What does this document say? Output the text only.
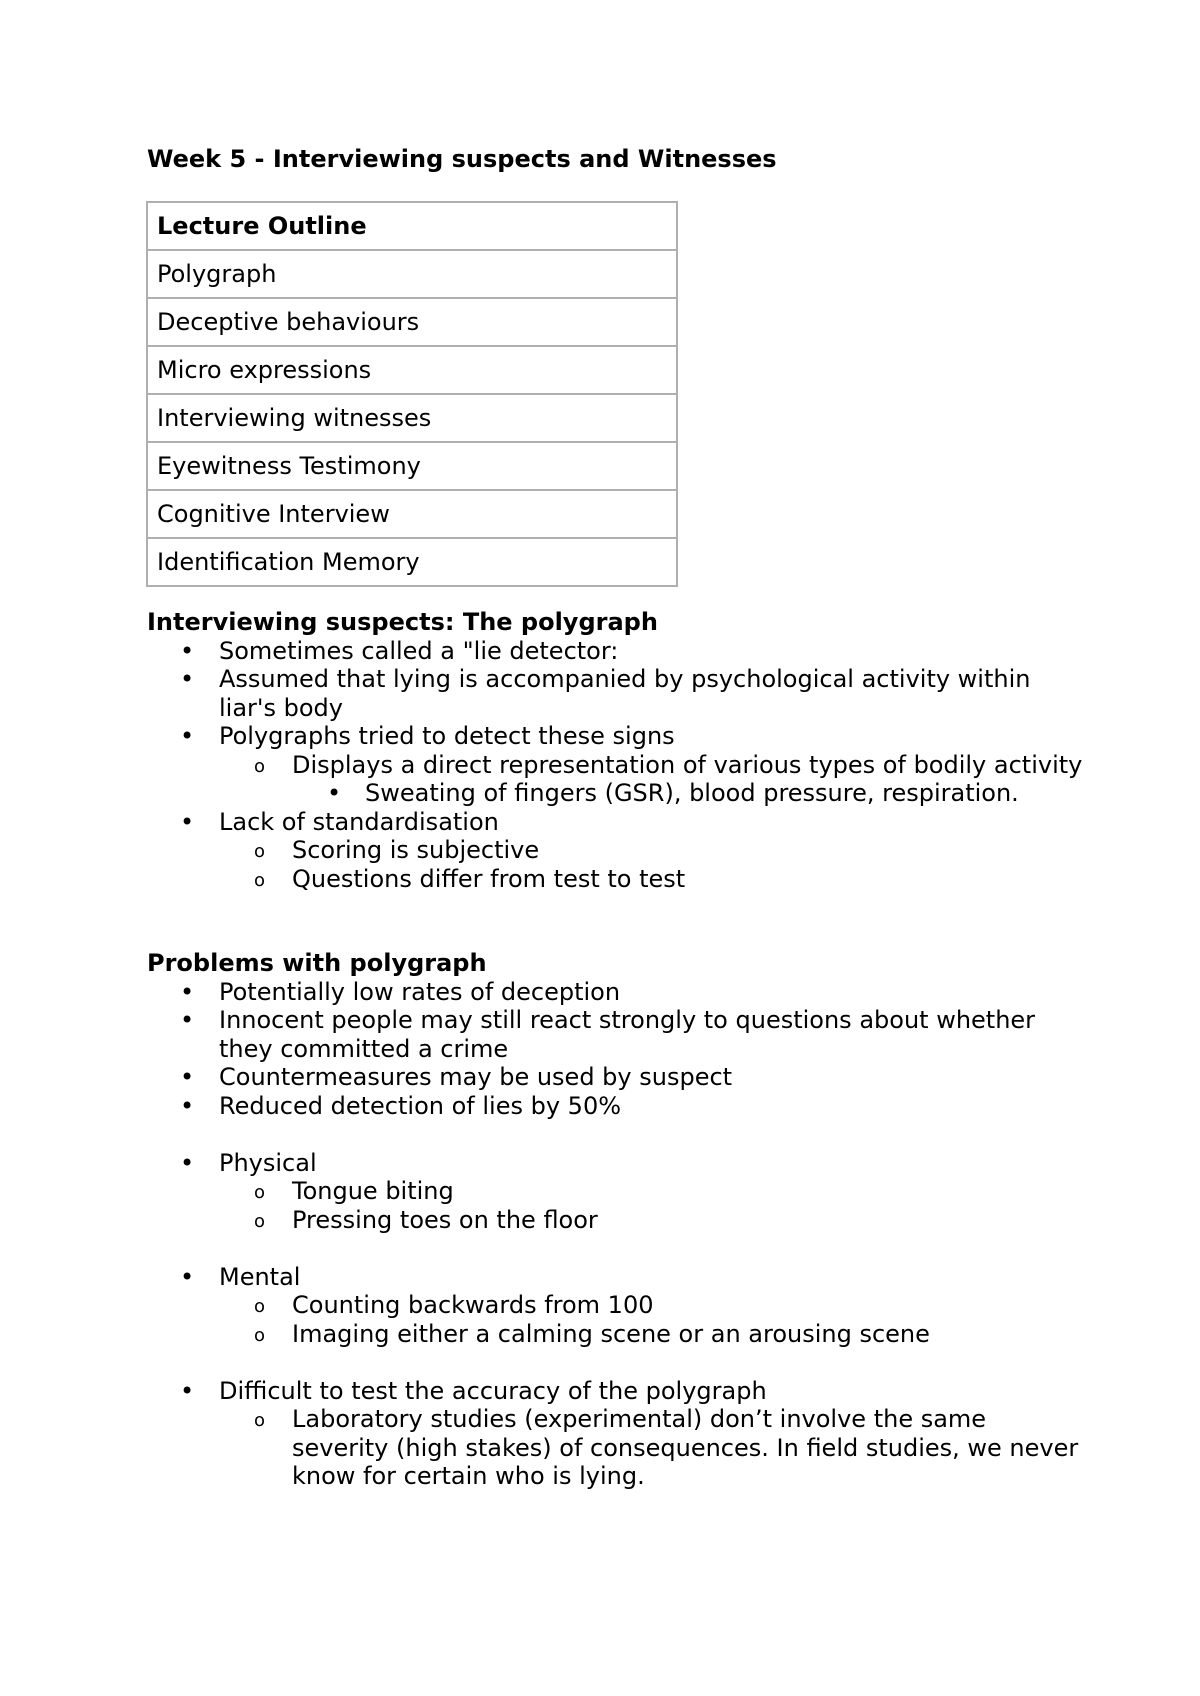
Week 5 - Interviewing suspects and Witnesses
Lecture Outline
Polygraph
Deceptive behaviours
Micro expressions
Interviewing witnesses
Eyewitness Testimony
Cognitive Interview
Identification Memory
Interviewing suspects: The polygraph
• Sometimes called a "lie detector:
• Assumed that lying is accompanied by psychological activity within liar's body
• Polygraphs tried to detect these signs
o Displays a direct representation of various types of bodily activity
• Sweating of fingers (GSR), blood pressure, respiration.
• Lack of standardisation
o Scoring is subjective
o Questions differ from test to test
Problems with polygraph
• Potentially low rates of deception
• Innocent people may still react strongly to questions about whether they committed a crime
• Countermeasures may be used by suspect
• Reduced detection of lies by 50%
• Physical
o Tongue biting
o Pressing toes on the floor
• Mental
o Counting backwards from 100
o Imaging either a calming scene or an arousing scene
• Difficult to test the accuracy of the polygraph
o Laboratory studies (experimental) don’t involve the same severity (high stakes) of consequences. In field studies, we never know for certain who is lying.
